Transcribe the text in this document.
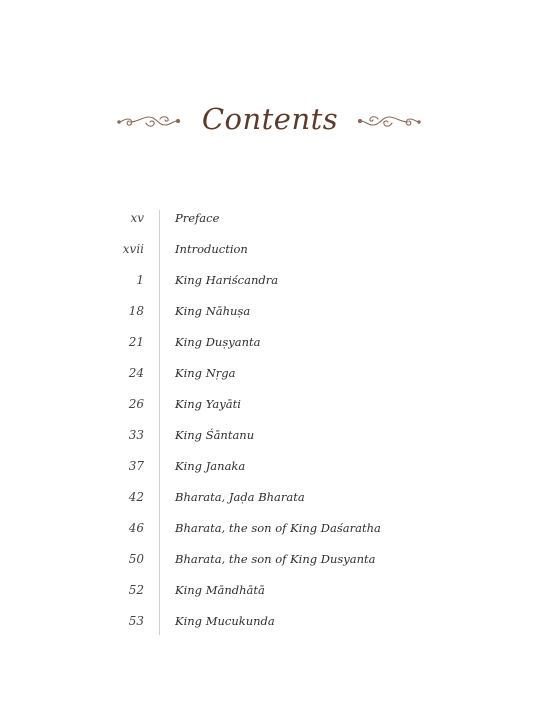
Contents
xv	Preface
xvii	Introduction
1	King Hariścandra
18	King Nāhuṣa
21	King Duṣyanta
24	King Nṛga
26	King Yayāti
33	King Śāntanu
37	King Janaka
42	Bharata, Jaḍa Bharata
46	Bharata, the son of King Daśaratha
50	Bharata, the son of King Dusyanta
52	King Māndhātā
53	King Mucukunda
